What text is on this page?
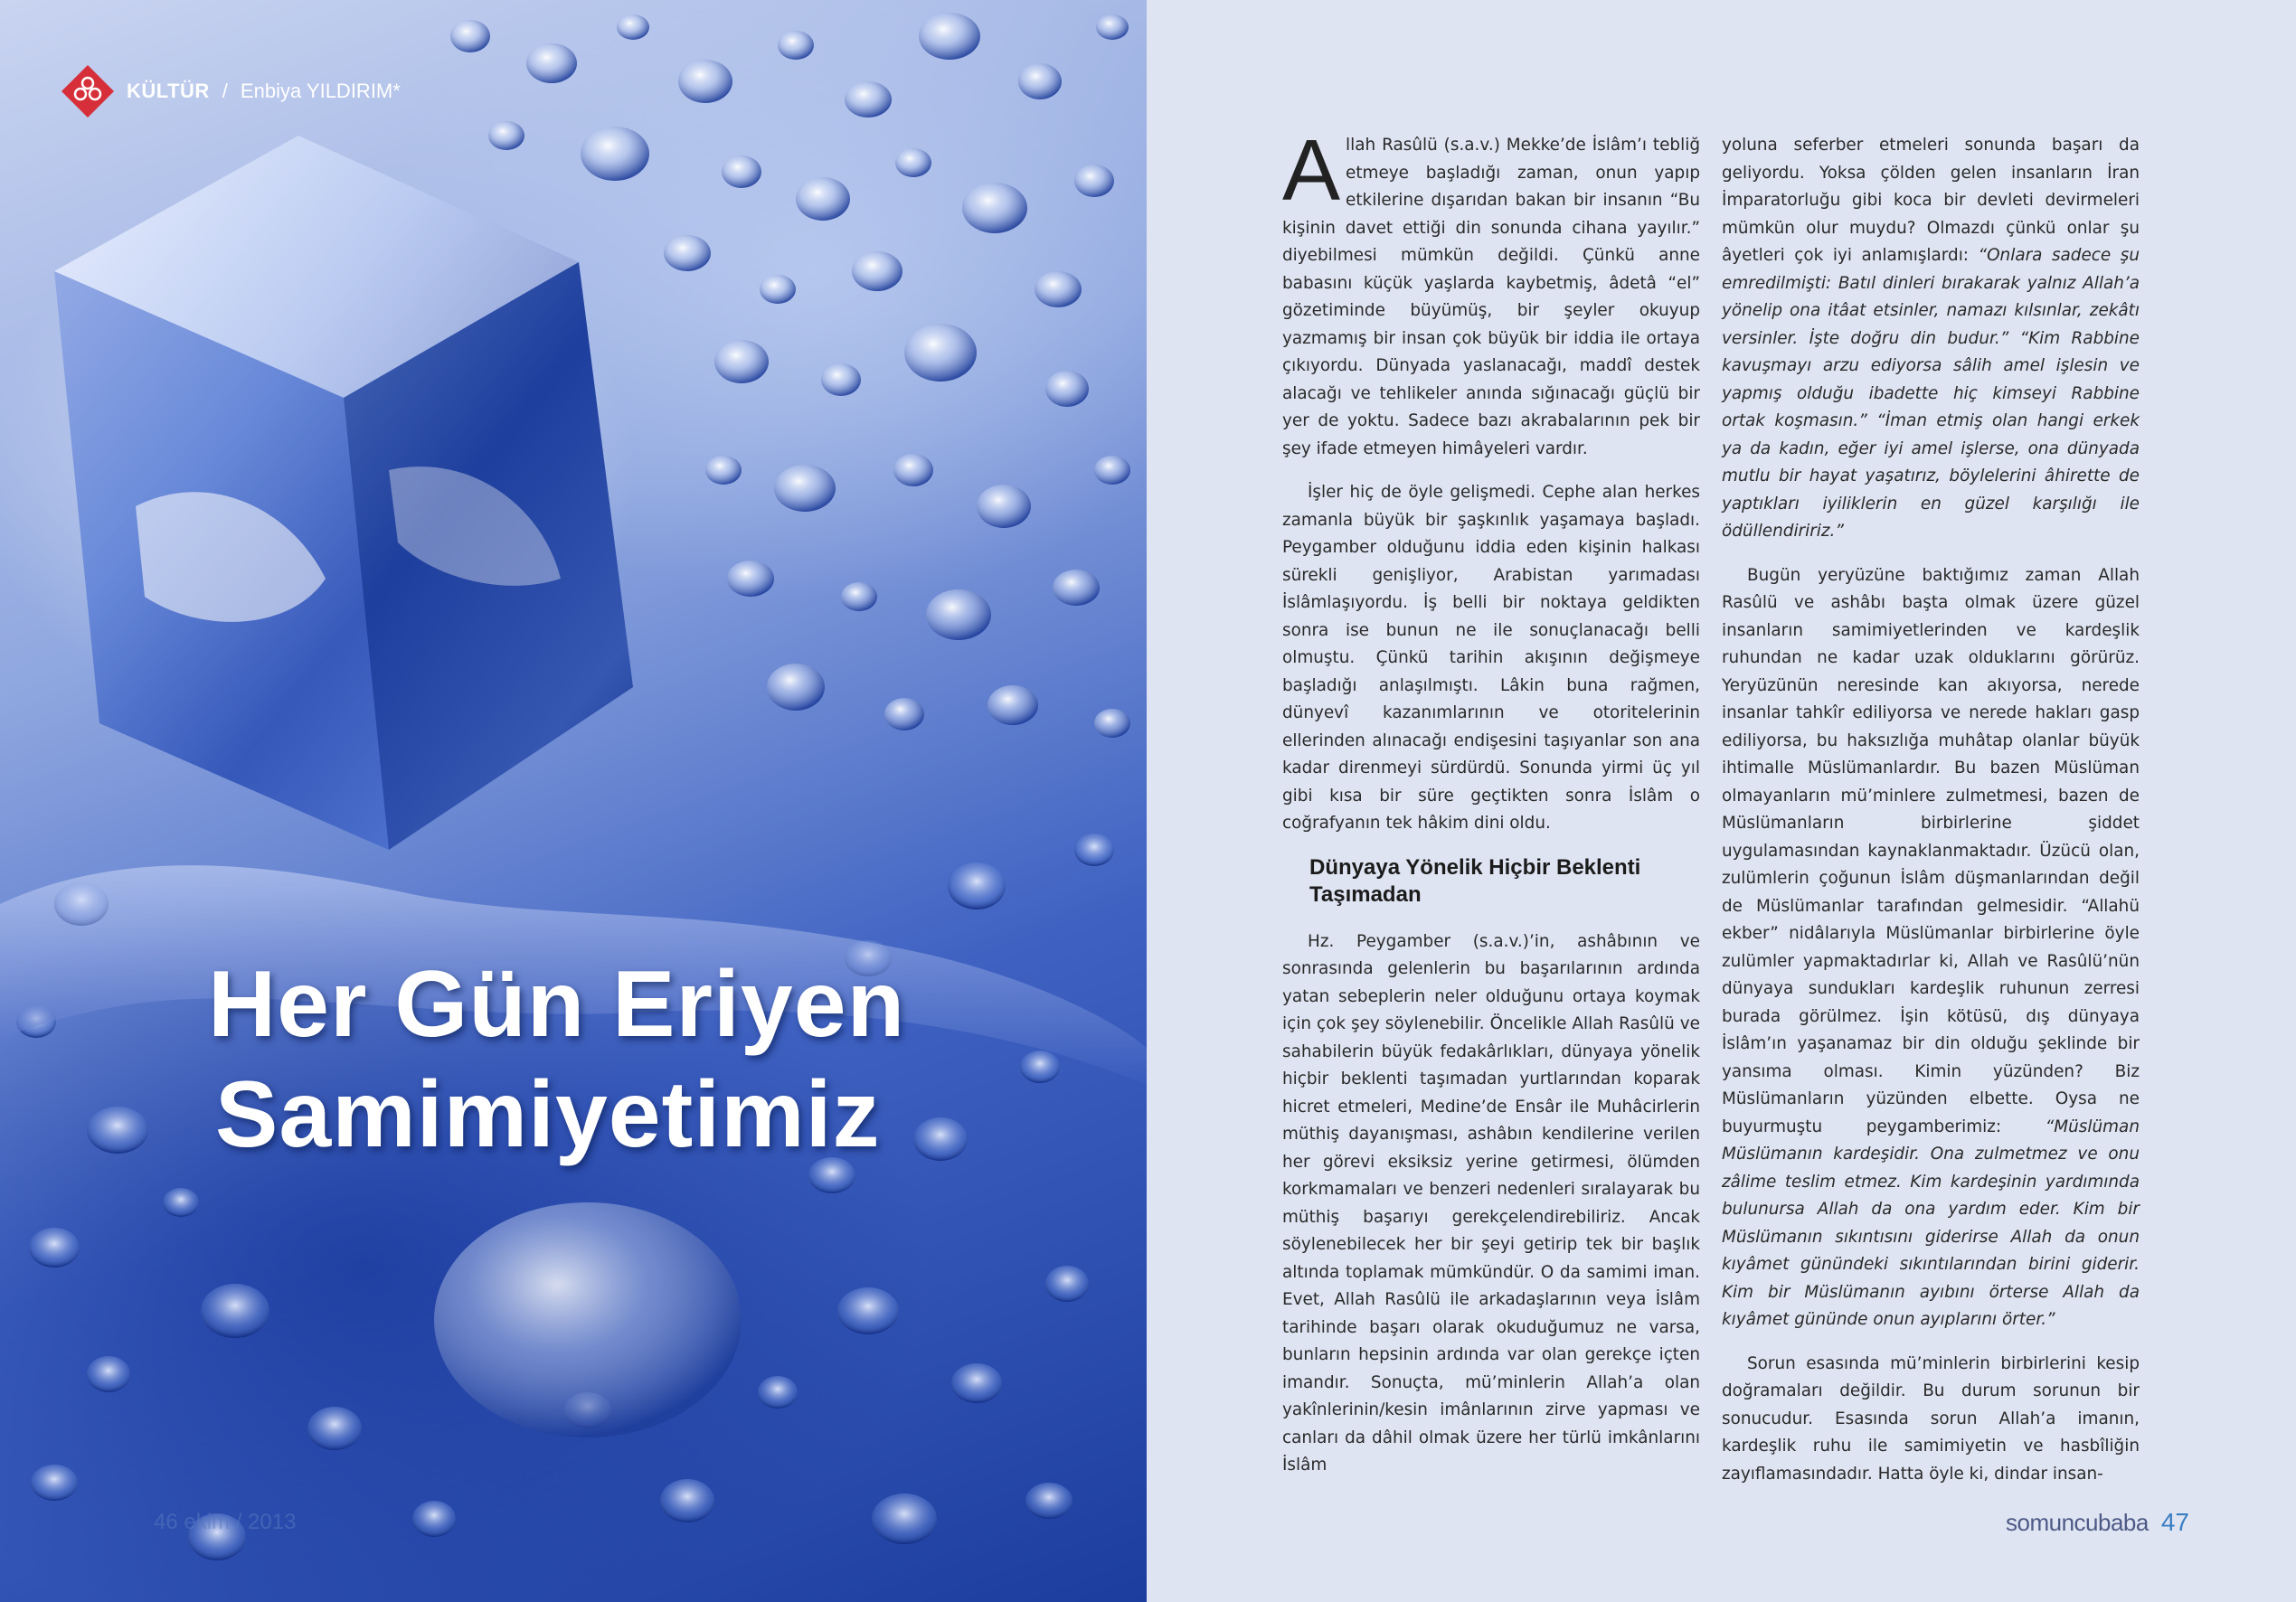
KÜLTÜR / Enbiya YILDIRIM*
Her Gün Eriyen
Samimiyetimiz
46 ekim / 2013

Allah Rasûlü (s.a.v.) Mekke’de İslâm’ı tebliğ etmeye başladığı zaman, onun yapıp etkilerine dışarıdan bakan bir insanın “Bu kişinin davet ettiği din sonunda cihana yayılır.” diyebilmesi mümkün değildi. Çünkü anne babasını küçük yaşlarda kaybetmiş, âdetâ “el” gözetiminde büyümüş, bir şeyler okuyup yazmamış bir insan çok büyük bir iddia ile ortaya çıkıyordu. Dünyada yaslanacağı, maddî destek alacağı ve tehlikeler anında sığınacağı güçlü bir yer de yoktu. Sadece bazı akrabalarının pek bir şey ifade etmeyen himâyeleri vardır.

İşler hiç de öyle gelişmedi. Cephe alan herkes zamanla büyük bir şaşkınlık yaşamaya başladı. Peygamber olduğunu iddia eden kişinin halkası sürekli genişliyor, Arabistan yarımadası İslâmlaşıyordu. İş belli bir noktaya geldikten sonra ise bunun ne ile sonuçlanacağı belli olmuştu. Çünkü tarihin akışının değişmeye başladığı anlaşılmıştı. Lâkin buna rağmen, dünyevî kazanımlarının ve otoritelerinin ellerinden alınacağı endişesini taşıyanlar son ana kadar direnmeyi sürdürdü. Sonunda yirmi üç yıl gibi kısa bir süre geçtikten sonra İslâm o coğrafyanın tek hâkim dini oldu.

Dünyaya Yönelik Hiçbir Beklenti Taşımadan

Hz. Peygamber (s.a.v.)’in, ashâbının ve sonrasında gelenlerin bu başarılarının ardında yatan sebeplerin neler olduğunu ortaya koymak için çok şey söylenebilir. Öncelikle Allah Rasûlü ve sahabilerin büyük fedakârlıkları, dünyaya yönelik hiçbir beklenti taşımadan yurtlarından koparak hicret etmeleri, Medine’de Ensâr ile Muhâcirlerin müthiş dayanışması, ashâbın kendilerine verilen her görevi eksiksiz yerine getirmesi, ölümden korkmamaları ve benzeri nedenleri sıralayarak bu müthiş başarıyı gerekçelendirebiliriz. Ancak söylenebilecek her bir şeyi getirip tek bir başlık altında toplamak mümkündür. O da samimi iman. Evet, Allah Rasûlü ile arkadaşlarının veya İslâm tarihinde başarı olarak okuduğumuz ne varsa, bunların hepsinin ardında var olan gerekçe içten imandır. Sonuçta, mü’minlerin Allah’a olan yakînlerinin/kesin imânlarının zirve yapması ve canları da dâhil olmak üzere her türlü imkânlarını İslâm

yoluna seferber etmeleri sonunda başarı da geliyordu. Yoksa çölden gelen insanların İran İmparatorluğu gibi koca bir devleti devirmeleri mümkün olur muydu? Olmazdı çünkü onlar şu âyetleri çok iyi anlamışlardı: “Onlara sadece şu emredilmişti: Batıl dinleri bırakarak yalnız Allah’a yönelip ona itâat etsinler, namazı kılsınlar, zekâtı versinler. İşte doğru din budur.” “Kim Rabbine kavuşmayı arzu ediyorsa sâlih amel işlesin ve yapmış olduğu ibadette hiç kimseyi Rabbine ortak koşmasın.” “İman etmiş olan hangi erkek ya da kadın, eğer iyi amel işlerse, ona dünyada mutlu bir hayat yaşatırız, böylelerini âhirette de yaptıkları iyiliklerin en güzel karşılığı ile ödüllendiririz.”

Bugün yeryüzüne baktığımız zaman Allah Rasûlü ve ashâbı başta olmak üzere güzel insanların samimiyetlerinden ve kardeşlik ruhundan ne kadar uzak olduklarını görürüz. Yeryüzünün neresinde kan akıyorsa, nerede insanlar tahkîr ediliyorsa ve nerede hakları gasp ediliyorsa, bu haksızlığa muhâtap olanlar büyük ihtimalle Müslümanlardır. Bu bazen Müslüman olmayanların mü’minlere zulmetmesi, bazen de Müslümanların birbirlerine şiddet uygulamasından kaynaklanmaktadır. Üzücü olan, zulümlerin çoğunun İslâm düşmanlarından değil de Müslümanlar tarafından gelmesidir. “Allahü ekber” nidâlarıyla Müslümanlar birbirlerine öyle zulümler yapmaktadırlar ki, Allah ve Rasûlü’nün dünyaya sundukları kardeşlik ruhunun zerresi burada görülmez. İşin kötüsü, dış dünyaya İslâm’ın yaşanamaz bir din olduğu şeklinde bir yansıma olması. Kimin yüzünden? Biz Müslümanların yüzünden elbette. Oysa ne buyurmuştu peygamberimiz:	“Müslüman Müslümanın kardeşidir. Ona zulmetmez ve onu zâlime teslim etmez. Kim kardeşinin yardımında bulunursa Allah da ona yardım eder. Kim bir Müslümanın sıkıntısını giderirse Allah da onun kıyâmet günündeki sıkıntılarından birini giderir. Kim bir Müslümanın ayıbını örterse Allah da kıyâmet gününde onun ayıplarını örter.”

Sorun esasında mü’minlerin birbirlerini kesip doğramaları değildir. Bu durum sorunun bir sonucudur. Esasında sorun Allah’a imanın, kardeşlik ruhu ile samimiyetin ve hasbîliğin zayıflamasındadır. Hatta öyle ki, dindar insan-

somuncubaba 47
